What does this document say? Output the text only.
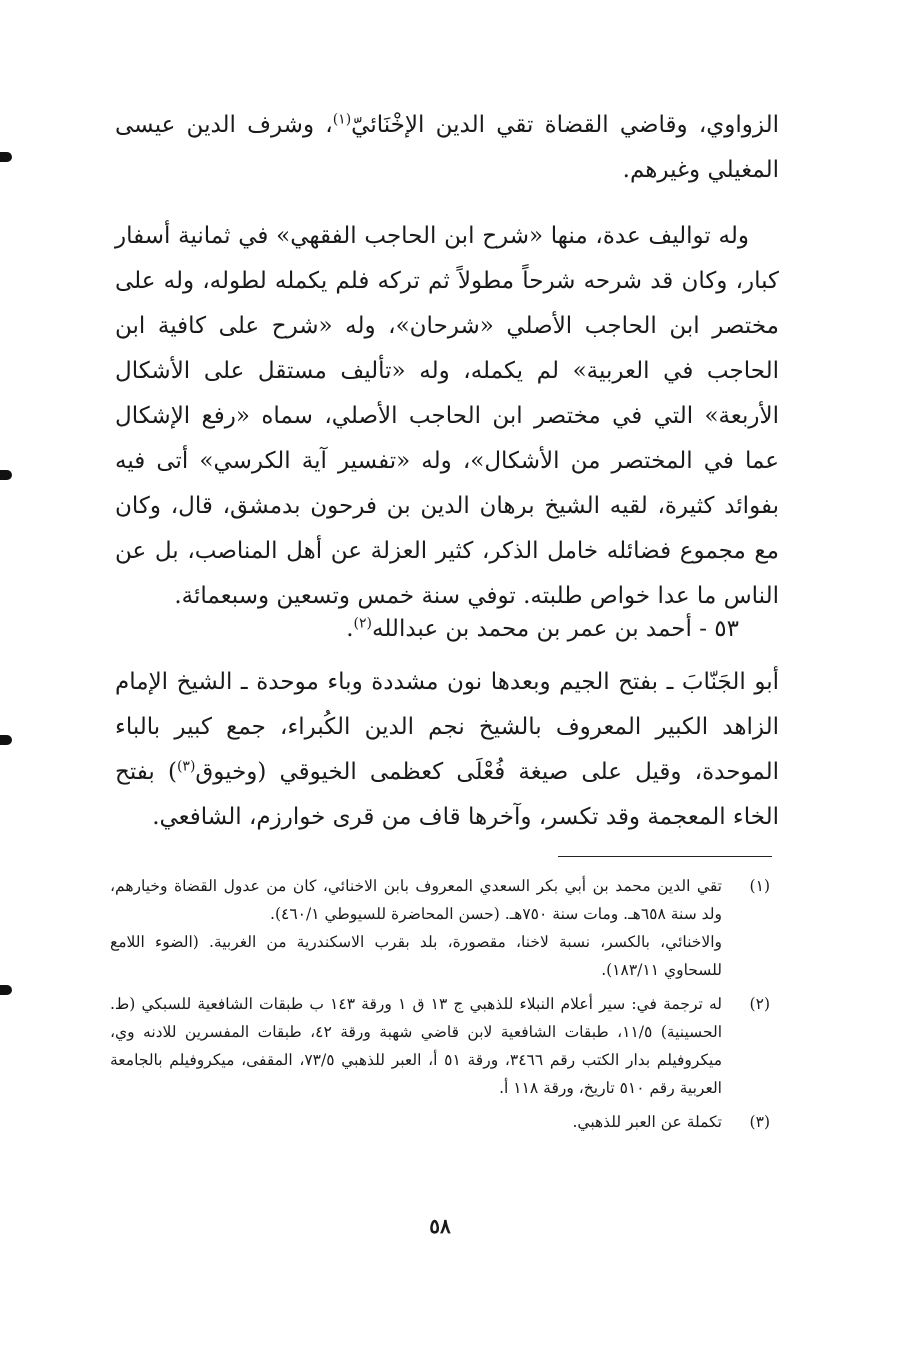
الزواوي، وقاضي القضاة تقي الدين الإخْنَائيّ$^{(١)}$، وشرف الدين عيسى المغيلي وغيرهم.

وله تواليف عدة، منها «شرح ابن الحاجب الفقهي» في ثمانية أسفار كبار، وكان قد شرحه شرحاً مطولاً ثم تركه فلم يكمله لطوله، وله على مختصر ابن الحاجب الأصلي «شرحان»، وله «شرح على كافية ابن الحاجب في العربية» لم يكمله، وله «تأليف مستقل على الأشكال الأربعة» التي في مختصر ابن الحاجب الأصلي، سماه «رفع الإشكال عما في المختصر من الأشكال»، وله «تفسير آية الكرسي» أتى فيه بفوائد كثيرة، لقيه الشيخ برهان الدين بن فرحون بدمشق، قال، وكان مع مجموع فضائله خامل الذكر، كثير العزلة عن أهل المناصب، بل عن الناس ما عدا خواص طلبته. توفي سنة خمس وتسعين وسبعمائة.

٥٣ - أحمد بن عمر بن محمد بن عبدالله$^{(٢)}$.

أبو الجَنّابَ ـ بفتح الجيم وبعدها نون مشددة وباء موحدة ـ الشيخ الإمام الزاهد الكبير المعروف بالشيخ نجم الدين الكُبراء، جمع كبير بالباء الموحدة، وقيل على صيغة فُعْلَى كعظمى الخيوقي (وخيوق$^{(٣)}$) بفتح الخاء المعجمة وقد تكسر، وآخرها قاف من قرى خوارزم، الشافعي.

(١)

تقي الدين محمد بن أبي بكر السعدي المعروف بابن الاخنائي، كان من عدول القضاة وخيارهم، ولد سنة ٦٥٨هـ. ومات سنة ٧٥٠هـ. (حسن المحاضرة للسيوطي ٤٦٠/١).

والاخنائي، بالكسر، نسبة لاخنا، مقصورة، بلد بقرب الاسكندرية من الغربية. (الضوء اللامع للسحاوي ١٨٣/١١).

(٢)

له ترجمة في: سير أعلام النبلاء للذهبي ج ١٣ ق ١ ورقة ١٤٣ ب طبقات الشافعية للسبكي (ط. الحسينية) ١١/٥، طبقات الشافعية لابن قاضي شهبة ورقة ٤٢، طبقات المفسرين للادنه وي، ميكروفيلم بدار الكتب رقم ٣٤٦٦، ورقة ٥١ أ، العبر للذهبي ٧٣/٥، المقفى، ميكروفيلم بالجامعة العربية رقم ٥١٠ تاريخ، ورقة ١١٨ أ.

(٣)

تكملة عن العبر للذهبي.

٥٨
